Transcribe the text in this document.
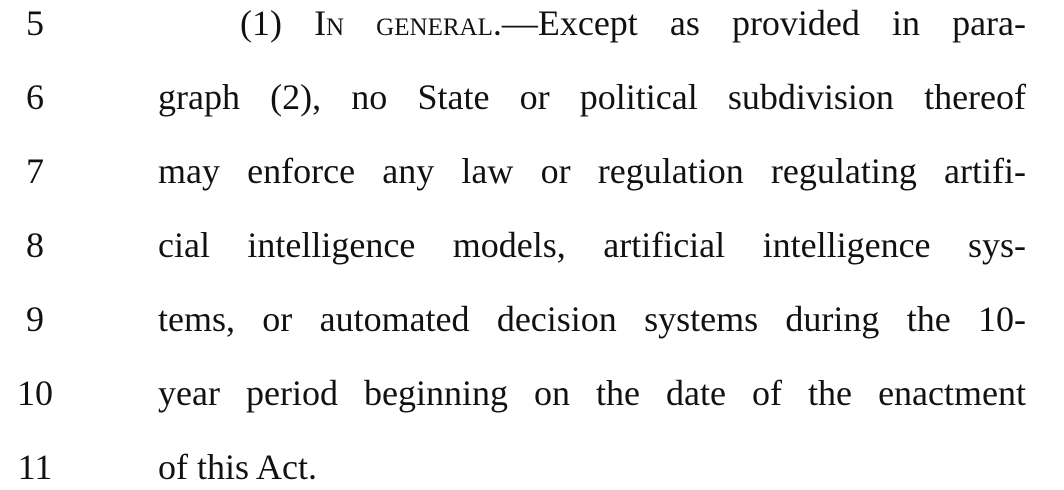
5	(1) In general.—Except as provided in para-
6	graph (2), no State or political subdivision thereof
7	may enforce any law or regulation regulating artifi-
8	cial intelligence models, artificial intelligence sys-
9	tems, or automated decision systems during the 10-
10	year period beginning on the date of the enactment
11	of this Act.
